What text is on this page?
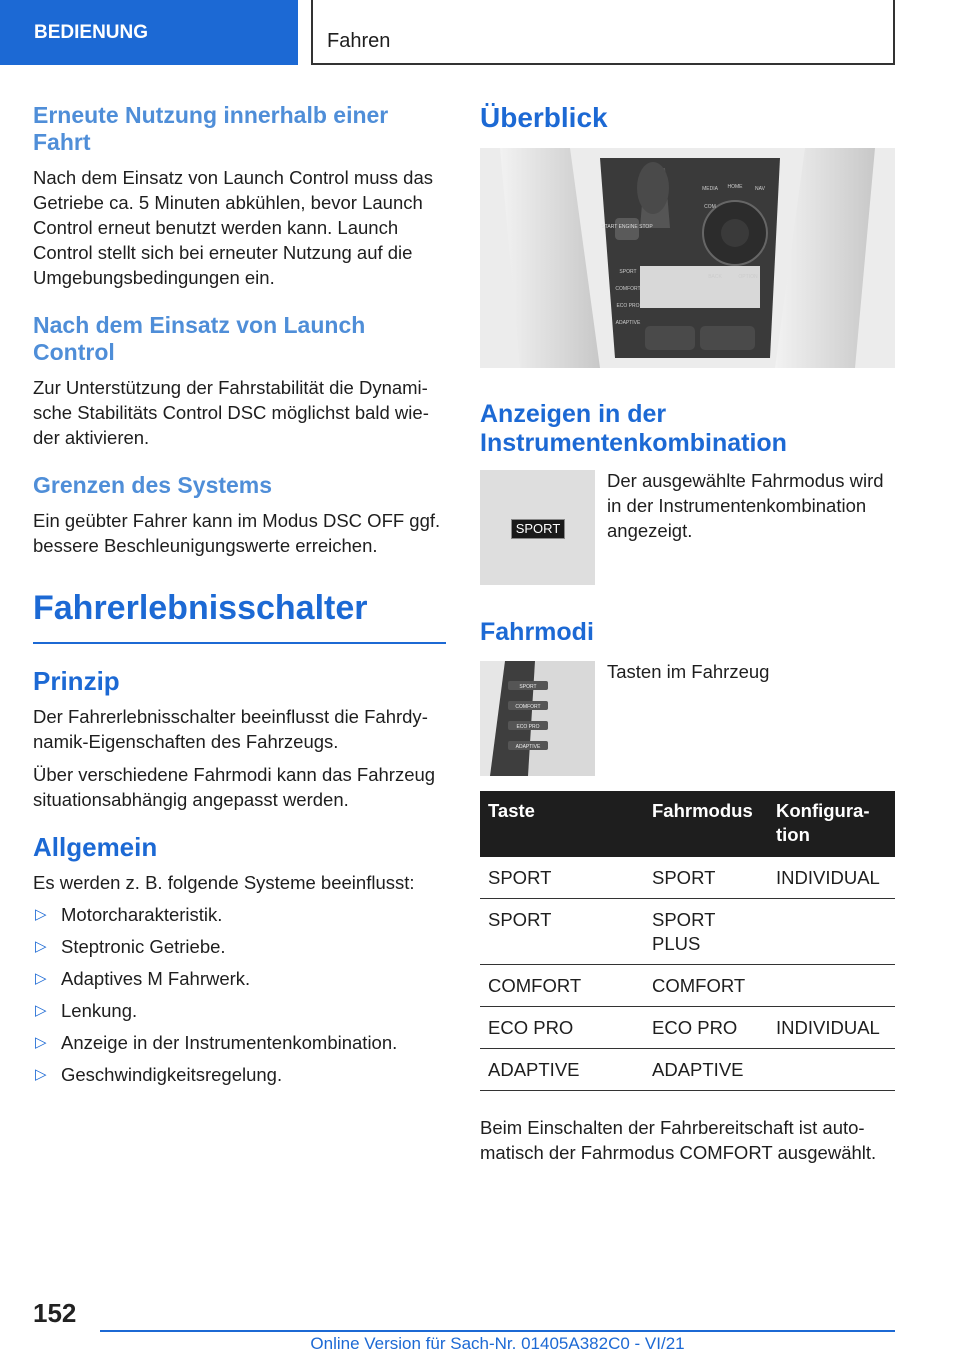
BEDIENUNG	Fahren
Erneute Nutzung innerhalb einer Fahrt

Nach dem Einsatz von Launch Control muss das Getriebe ca. 5 Minuten abkühlen, bevor Launch Control erneut benutzt werden kann. Launch Control stellt sich bei erneuter Nutzung auf die Umgebungsbedingungen ein.

Nach dem Einsatz von Launch Control

Zur Unterstützung der Fahrstabilität die Dynamische Stabilitäts Control DSC möglichst bald wieder aktivieren.

Grenzen des Systems

Ein geübter Fahrer kann im Modus DSC OFF ggf. bessere Beschleunigungswerte erreichen.

Fahrerlebnisschalter
Prinzip

Der Fahrerlebnisschalter beeinflusst die Fahrdynamik-Eigenschaften des Fahrzeugs.

Über verschiedene Fahrmodi kann das Fahrzeug situationsabhängig angepasst werden.

Allgemein

Es werden z. B. folgende Systeme beeinflusst:

▷ Motorcharakteristik.
▷ Steptronic Getriebe.
▷ Adaptives M Fahrwerk.
▷ Lenkung.
▷ Anzeige in der Instrumentenkombination.
▷ Geschwindigkeitsregelung.
Überblick
START ENGINE STOP
SPORT
COMFORT
ECO PRO
ADAPTIVE
MEDIA HOME	NAV
COM
BACK	OPTION
Anzeigen in der Instrumentenkombination
SPORT

Der ausgewählte Fahrmodus wird in der Instrumentenkombination angezeigt.

Fahrmodi
SPORT
COMFORT
ECO PRO
ADAPTIVE

Tasten im Fahrzeug

Taste	Fahrmodus	Konfiguration
SPORT	SPORT	INDIVIDUAL
SPORT	SPORT PLUS	
COMFORT	COMFORT	
ECO PRO	ECO PRO	INDIVIDUAL
ADAPTIVE	ADAPTIVE	

Beim Einschalten der Fahrbereitschaft ist automatisch der Fahrmodus COMFORT ausgewählt.

152
Online Version für Sach-Nr. 01405A382C0 - VI/21
